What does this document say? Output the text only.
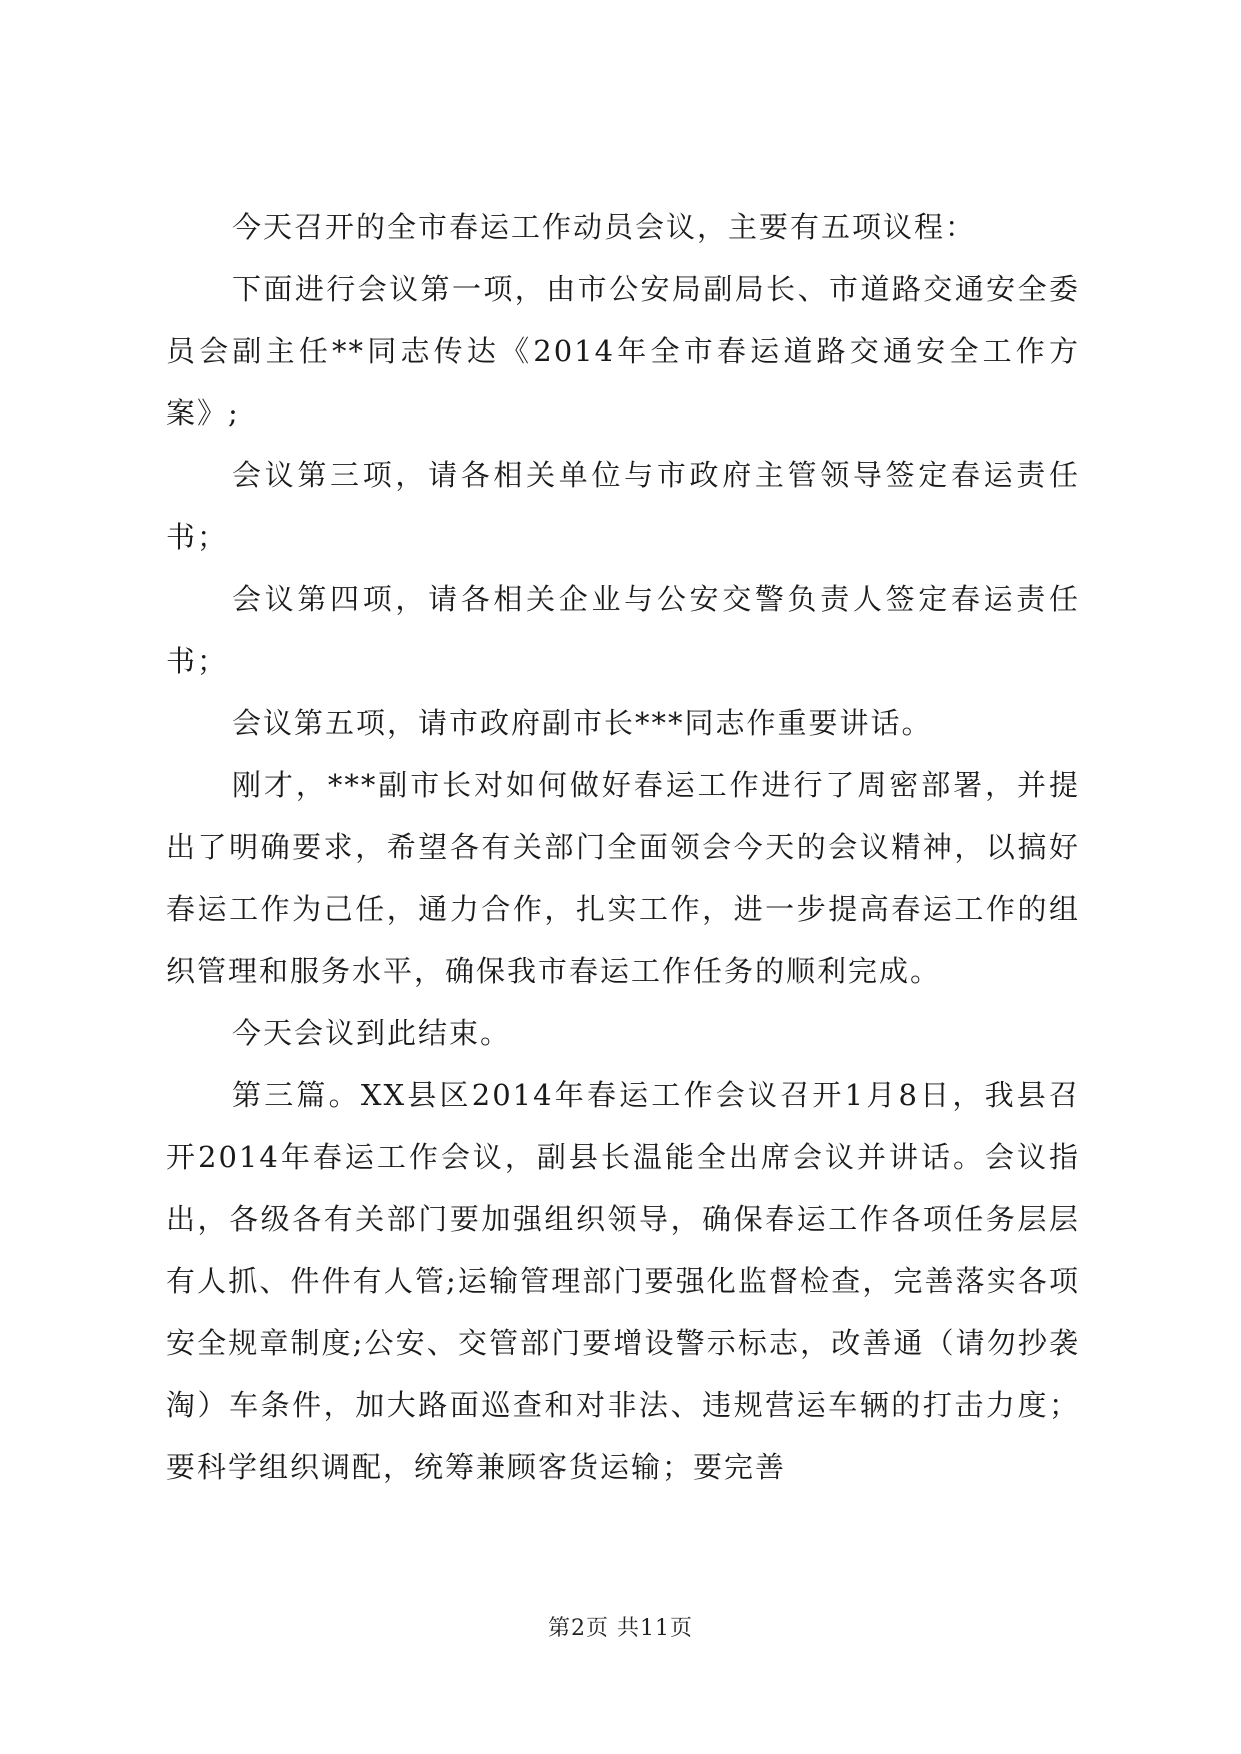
今天召开的全市春运工作动员会议，主要有五项议程：

下面进行会议第一项，由市公安局副局长、市道路交通安全委员会副主任**同志传达《2014年全市春运道路交通安全工作方案》;

会议第三项，请各相关单位与市政府主管领导签定春运责任书；

会议第四项，请各相关企业与公安交警负责人签定春运责任书；

会议第五项，请市政府副市长***同志作重要讲话。

刚才，***副市长对如何做好春运工作进行了周密部署，并提出了明确要求，希望各有关部门全面领会今天的会议精神，以搞好春运工作为己任，通力合作，扎实工作，进一步提高春运工作的组织管理和服务水平，确保我市春运工作任务的顺利完成。

今天会议到此结束。

第三篇。XX县区2014年春运工作会议召开1月8日，我县召开2014年春运工作会议，副县长温能全出席会议并讲话。会议指出，各级各有关部门要加强组织领导，确保春运工作各项任务层层有人抓、件件有人管;运输管理部门要强化监督检查，完善落实各项安全规章制度;公安、交管部门要增设警示标志，改善通（请勿抄袭淘）车条件，加大路面巡查和对非法、违规营运车辆的打击力度；要科学组织调配，统筹兼顾客货运输；要完善

第2页 共11页
